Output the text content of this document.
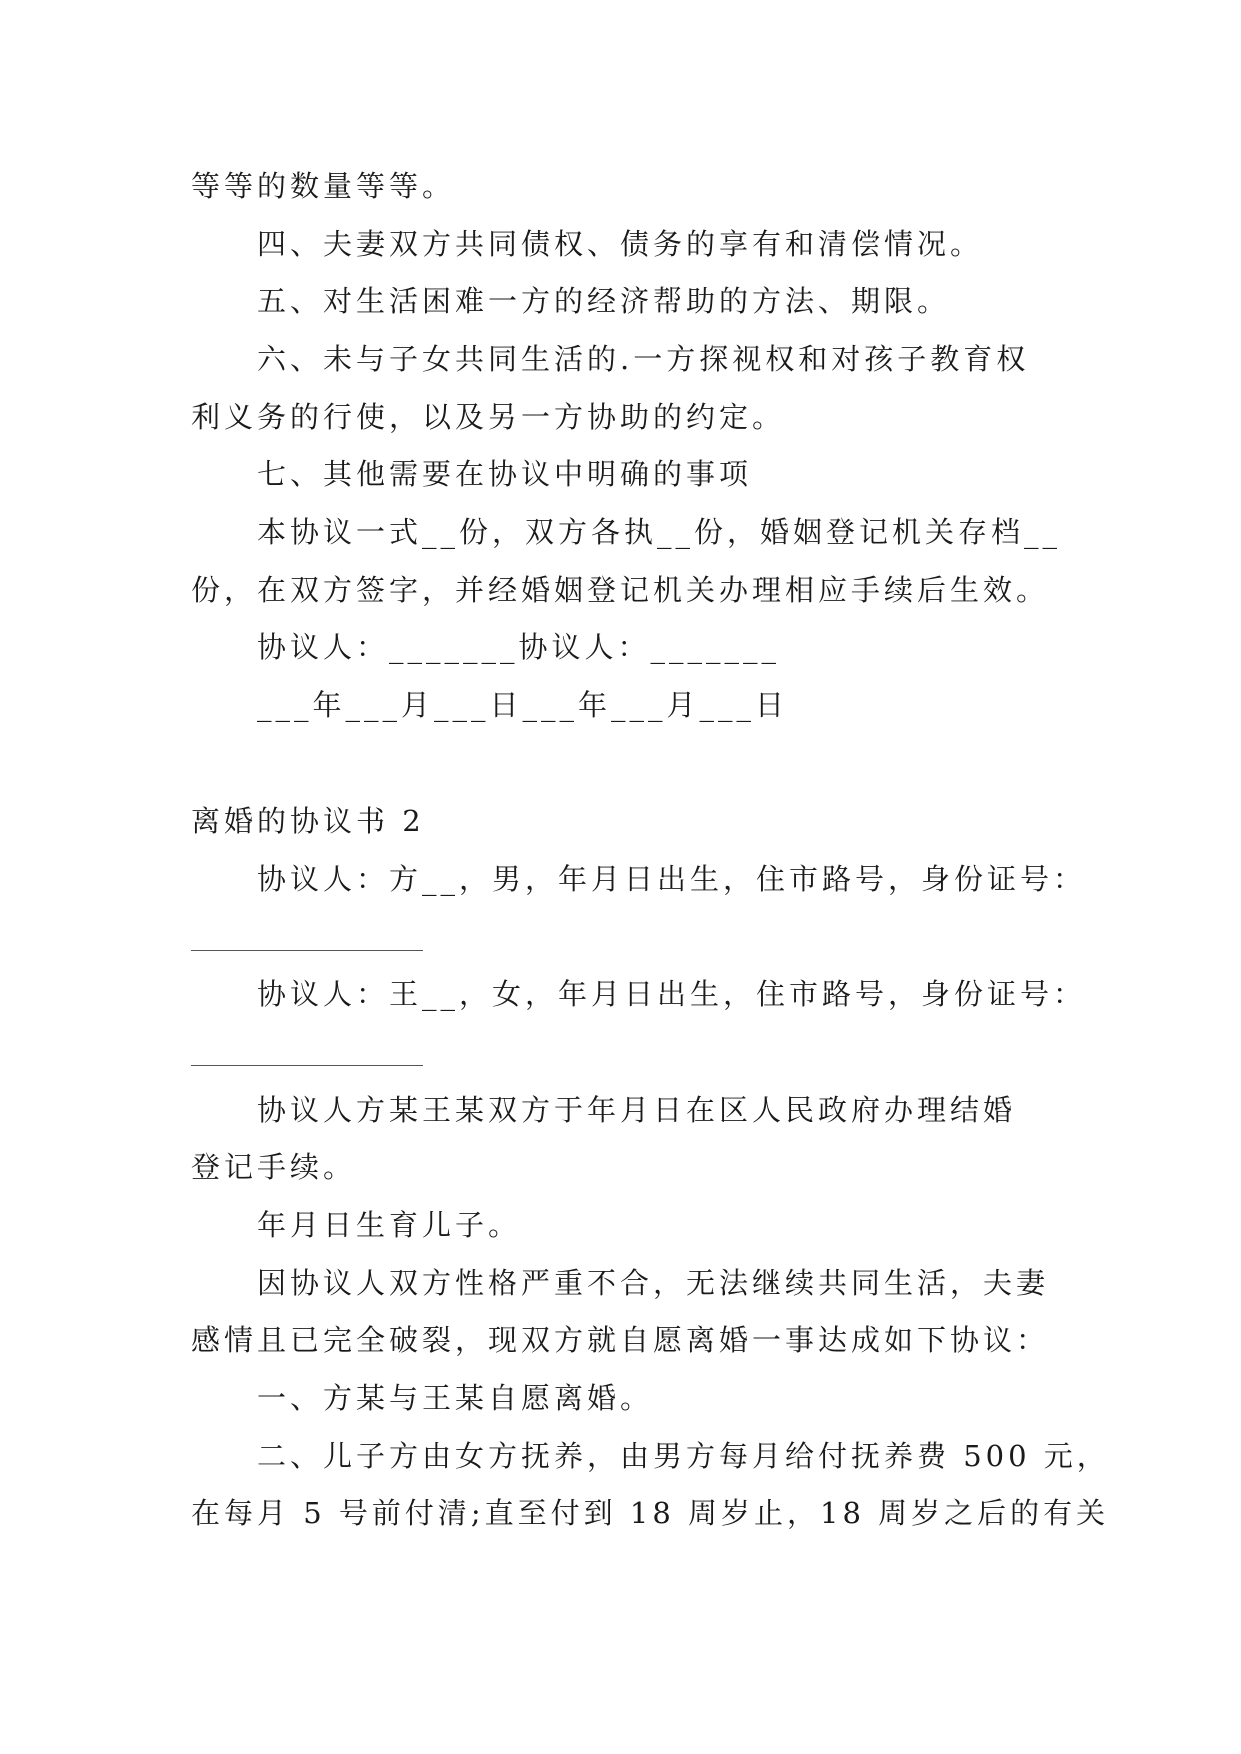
等等的数量等等。
四、夫妻双方共同债权、债务的享有和清偿情况。
五、对生活困难一方的经济帮助的方法、期限。
六、未与子女共同生活的.一方探视权和对孩子教育权
利义务的行使，以及另一方协助的约定。
七、其他需要在协议中明确的事项
本协议一式__份，双方各执__份，婚姻登记机关存档__
份，在双方签字，并经婚姻登记机关办理相应手续后生效。
协议人：_______协议人：_______
___年___月___日___年___月___日
离婚的协议书 2
协议人：方__，男，年月日出生，住市路号，身份证号：
协议人：王__，女，年月日出生，住市路号，身份证号：
协议人方某王某双方于年月日在区人民政府办理结婚
登记手续。
年月日生育儿子。
因协议人双方性格严重不合，无法继续共同生活，夫妻
感情且已完全破裂，现双方就自愿离婚一事达成如下协议：
一、方某与王某自愿离婚。
二、儿子方由女方抚养，由男方每月给付抚养费 500 元，
在每月 5 号前付清;直至付到 18 周岁止，18 周岁之后的有关
